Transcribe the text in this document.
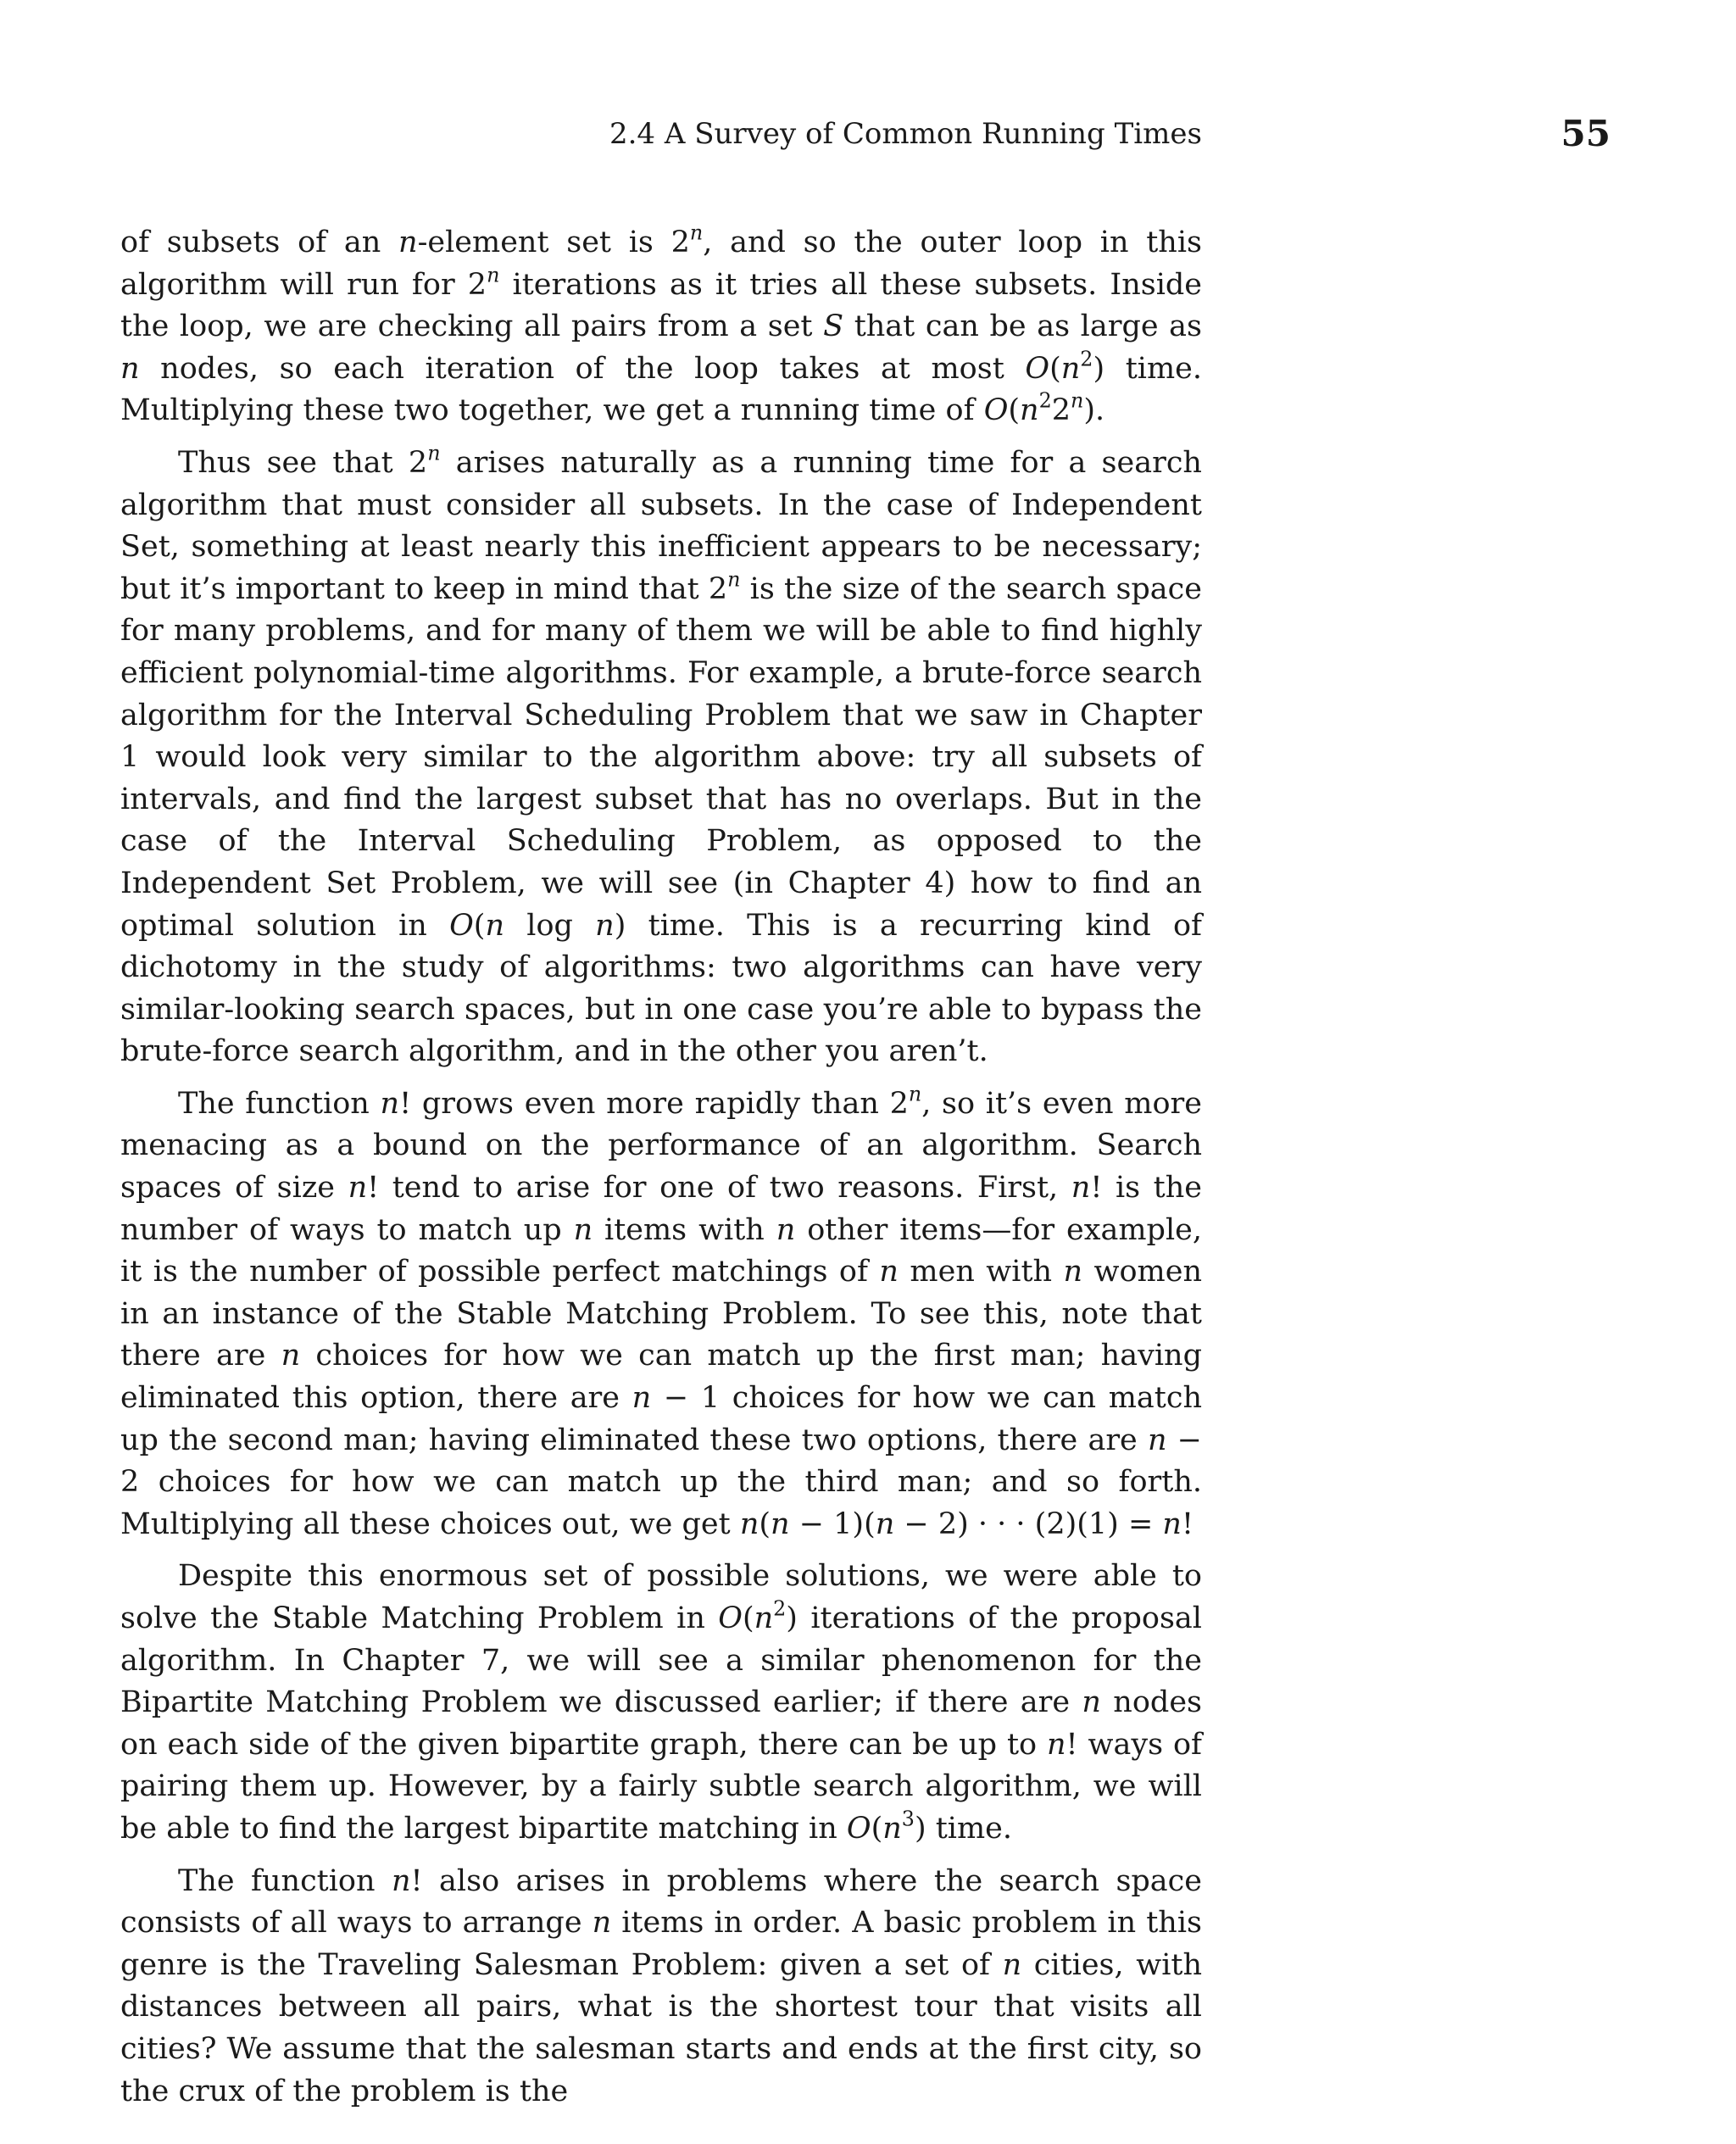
2.4 A Survey of Common Running Times	55

of subsets of an n-element set is 2$^n$, and so the outer loop in this algorithm will run for 2$^n$ iterations as it tries all these subsets. Inside the loop, we are checking all pairs from a set S that can be as large as n nodes, so each iteration of the loop takes at most $O(n^2)$ time. Multiplying these two together, we get a running time of $O(n^22^n)$.

Thus see that 2$^n$ arises naturally as a running time for a search algorithm that must consider all subsets. In the case of Independent Set, something at least nearly this inefficient appears to be necessary; but it’s important to keep in mind that 2$^n$ is the size of the search space for many problems, and for many of them we will be able to find highly efficient polynomial-time algorithms. For example, a brute-force search algorithm for the Interval Scheduling Problem that we saw in Chapter 1 would look very similar to the algorithm above: try all subsets of intervals, and find the largest subset that has no overlaps. But in the case of the Interval Scheduling Problem, as opposed to the Independent Set Problem, we will see (in Chapter 4) how to find an optimal solution in O(n log n) time. This is a recurring kind of dichotomy in the study of algorithms: two algorithms can have very similar-looking search spaces, but in one case you’re able to bypass the brute-force search algorithm, and in the other you aren’t.

The function n! grows even more rapidly than 2$^n$, so it’s even more menacing as a bound on the performance of an algorithm. Search spaces of size n! tend to arise for one of two reasons. First, n! is the number of ways to match up n items with n other items—for example, it is the number of possible perfect matchings of n men with n women in an instance of the Stable Matching Problem. To see this, note that there are n choices for how we can match up the first man; having eliminated this option, there are n − 1 choices for how we can match up the second man; having eliminated these two options, there are n − 2 choices for how we can match up the third man; and so forth. Multiplying all these choices out, we get n(n − 1)(n − 2) · · · (2)(1) = n!

Despite this enormous set of possible solutions, we were able to solve the Stable Matching Problem in $O(n^2)$ iterations of the proposal algorithm. In Chapter 7, we will see a similar phenomenon for the Bipartite Matching Problem we discussed earlier; if there are n nodes on each side of the given bipartite graph, there can be up to n! ways of pairing them up. However, by a fairly subtle search algorithm, we will be able to find the largest bipartite matching in $O(n^3)$ time.

The function n! also arises in problems where the search space consists of all ways to arrange n items in order. A basic problem in this genre is the Traveling Salesman Problem: given a set of n cities, with distances between all pairs, what is the shortest tour that visits all cities? We assume that the salesman starts and ends at the first city, so the crux of the problem is the
